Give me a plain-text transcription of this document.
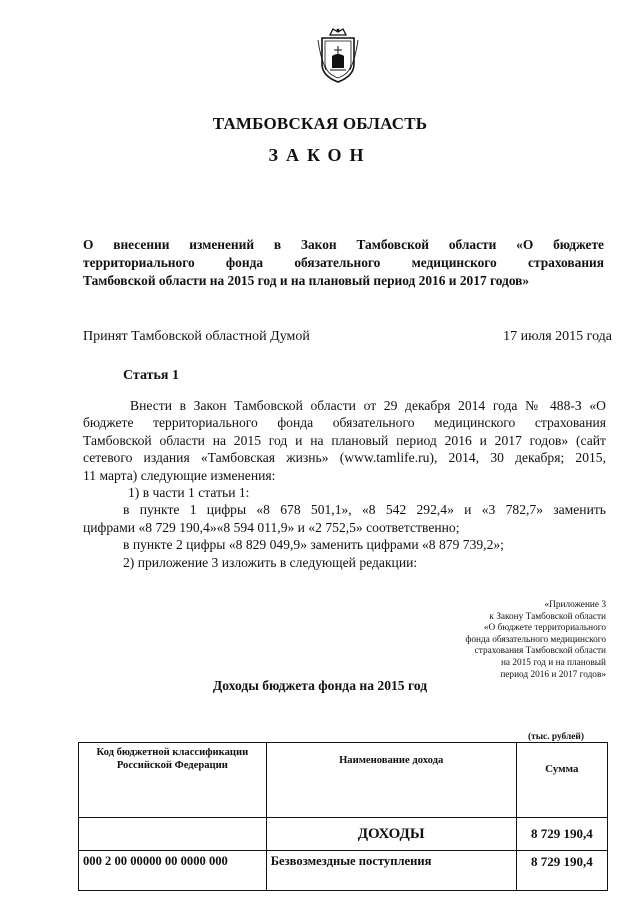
ТАМБОВСКАЯ ОБЛАСТЬ
ЗАКОН
О внесении изменений в Закон Тамбовской области «О бюджете
территориального фонда обязательного медицинского страхования
Тамбовской области на 2015 год и на плановый период 2016 и 2017 годов»
Принят Тамбовской областной Думой	17 июля 2015 года
Статья 1
Внести в Закон Тамбовской области от 29 декабря 2014 года № 488-З «О
бюджете территориального фонда обязательного медицинского страхования
Тамбовской области на 2015 год и на плановый период 2016 и 2017 годов» (сайт
сетевого издания «Тамбовская жизнь» (www.tamlife.ru), 2014, 30 декабря; 2015,
11 марта) следующие изменения:
1) в части 1 статьи 1:
в пункте 1 цифры «8 678 501,1», «8 542 292,4» и «3 782,7» заменить
цифрами «8 729 190,4»«8 594 011,9» и «2 752,5» соответственно;
в пункте 2 цифры «8 829 049,9» заменить цифрами «8 879 739,2»;
2) приложение 3 изложить в следующей редакции:
«Приложение 3
к Закону Тамбовской области
«О бюджете территориального
фонда обязательного медицинского
страхования Тамбовской области
на 2015 год и на плановый
период 2016 и 2017 годов»
Доходы бюджета фонда на 2015 год
(тыс. рублей)
Код бюджетной классификации Российской Федерации	Наименование дохода	Сумма
	ДОХОДЫ	8 729 190,4
000 2 00 00000 00 0000 000	Безвозмездные поступления	8 729 190,4
